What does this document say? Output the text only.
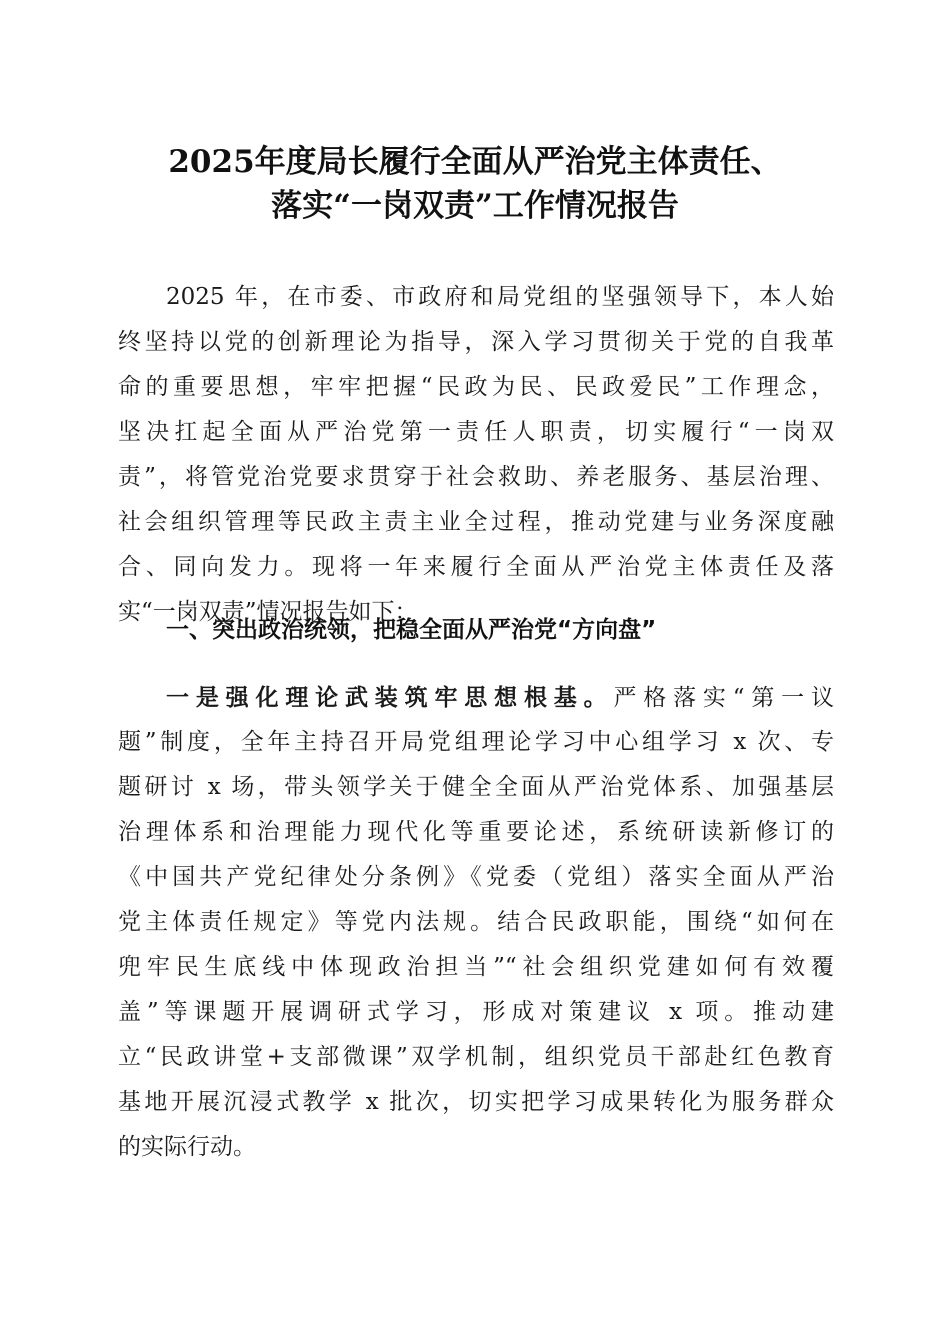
2025年度局长履行全面从严治党主体责任、
落实“一岗双责”工作情况报告
2025 年，在市委、市政府和局党组的坚强领导下，本人始
终坚持以党的创新理论为指导，深入学习贯彻关于党的自我革
命的重要思想，牢牢把握“民政为民、民政爱民”工作理念，
坚决扛起全面从严治党第一责任人职责，切实履行“一岗双
责”，将管党治党要求贯穿于社会救助、养老服务、基层治理、
社会组织管理等民政主责主业全过程，推动党建与业务深度融
合、同向发力。现将一年来履行全面从严治党主体责任及落
实“一岗双责”情况报告如下：
一、突出政治统领，把稳全面从严治党“方向盘”
一是强化理论武装筑牢思想根基。严格落实“第一议
题”制度，全年主持召开局党组理论学习中心组学习 x 次、专
题研讨 x 场，带头领学关于健全全面从严治党体系、加强基层
治理体系和治理能力现代化等重要论述，系统研读新修订的
《中国共产党纪律处分条例》《党委（党组）落实全面从严治
党主体责任规定》等党内法规。结合民政职能，围绕“如何在
兜牢民生底线中体现政治担当”“社会组织党建如何有效覆
盖”等课题开展调研式学习，形成对策建议 x 项。推动建
立“民政讲堂+支部微课”双学机制，组织党员干部赴红色教育
基地开展沉浸式教学 x 批次，切实把学习成果转化为服务群众
的实际行动。
